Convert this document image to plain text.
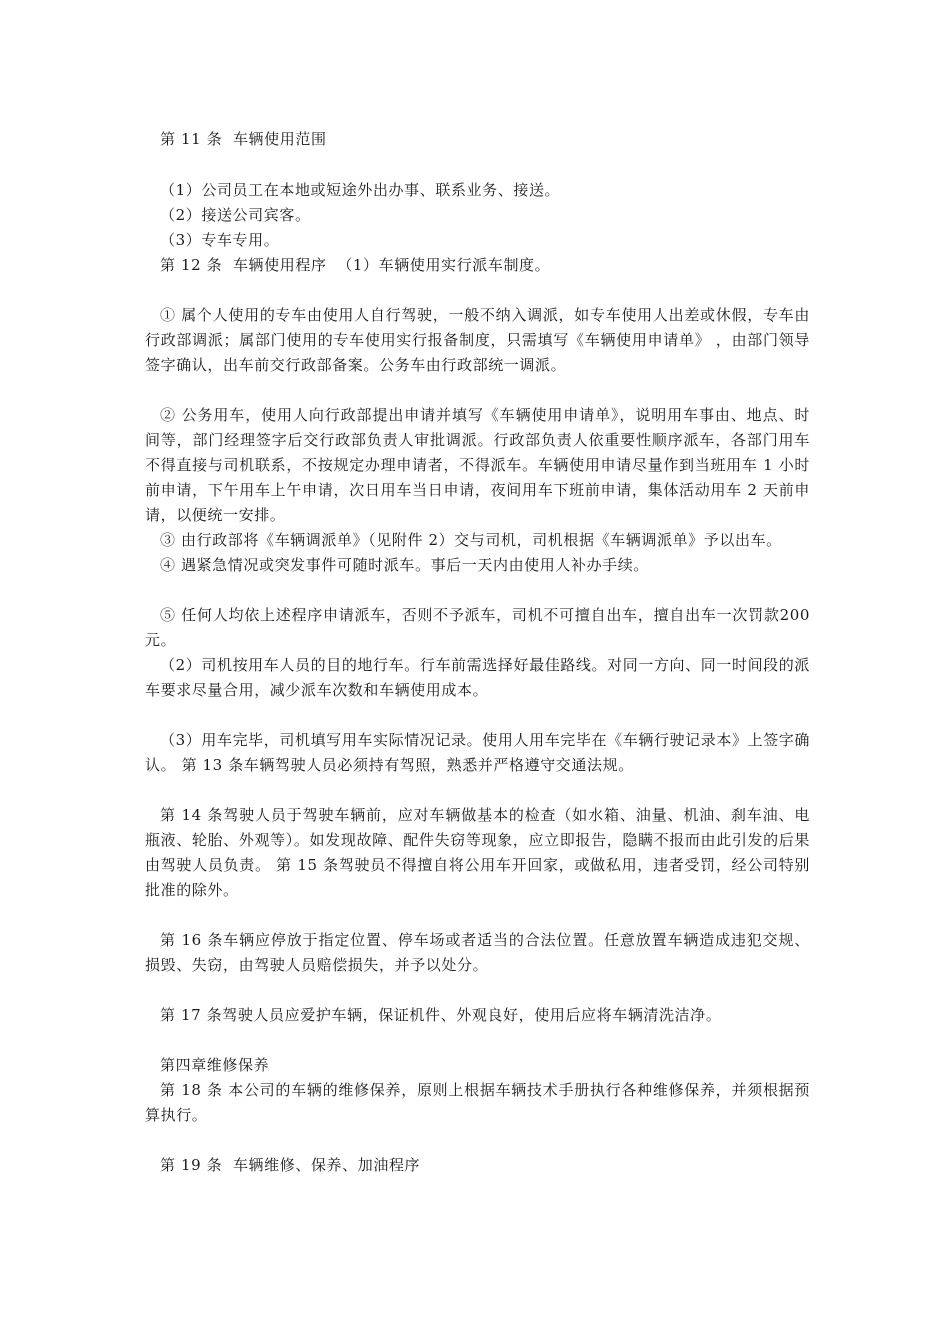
第 11 条  车辆使用范围
（1）公司员工在本地或短途外出办事、联系业务、接送。
（2）接送公司宾客。
（3）专车专用。
第 12 条  车辆使用程序  （1）车辆使用实行派车制度。
① 属个人使用的专车由使用人自行驾驶，一般不纳入调派，如专车使用人出差或休假，专车由行政部调派；属部门使用的专车使用实行报备制度，只需填写《车辆使用申请单》 ，由部门领导签字确认，出车前交行政部备案。公务车由行政部统一调派。
② 公务用车，使用人向行政部提出申请并填写《车辆使用申请单》，说明用车事由、地点、时间等，部门经理签字后交行政部负责人审批调派。行政部负责人依重要性顺序派车，各部门用车不得直接与司机联系，不按规定办理申请者，不得派车。车辆使用申请尽量作到当班用车 1 小时前申请，下午用车上午申请，次日用车当日申请，夜间用车下班前申请，集体活动用车 2 天前申请，以便统一安排。
③ 由行政部将《车辆调派单》（见附件 2）交与司机，司机根据《车辆调派单》予以出车。
④ 遇紧急情况或突发事件可随时派车。事后一天内由使用人补办手续。
⑤ 任何人均依上述程序申请派车，否则不予派车，司机不可擅自出车，擅自出车一次罚款200 元。
（2）司机按用车人员的目的地行车。行车前需选择好最佳路线。对同一方向、同一时间段的派车要求尽量合用，减少派车次数和车辆使用成本。
（3）用车完毕，司机填写用车实际情况记录。使用人用车完毕在《车辆行驶记录本》上签字确认。 第 13 条车辆驾驶人员必须持有驾照，熟悉并严格遵守交通法规。
第 14 条驾驶人员于驾驶车辆前，应对车辆做基本的检查（如水箱、油量、机油、刹车油、电瓶液、轮胎、外观等）。如发现故障、配件失窃等现象，应立即报告，隐瞒不报而由此引发的后果由驾驶人员负责。 第 15 条驾驶员不得擅自将公用车开回家，或做私用，违者受罚，经公司特别批准的除外。
第 16 条车辆应停放于指定位置、停车场或者适当的合法位置。任意放置车辆造成违犯交规、损毁、失窃，由驾驶人员赔偿损失，并予以处分。
第 17 条驾驶人员应爱护车辆，保证机件、外观良好，使用后应将车辆清洗洁净。
第四章维修保养
第 18 条 本公司的车辆的维修保养，原则上根据车辆技术手册执行各种维修保养，并须根据预算执行。
第 19 条  车辆维修、保养、加油程序
